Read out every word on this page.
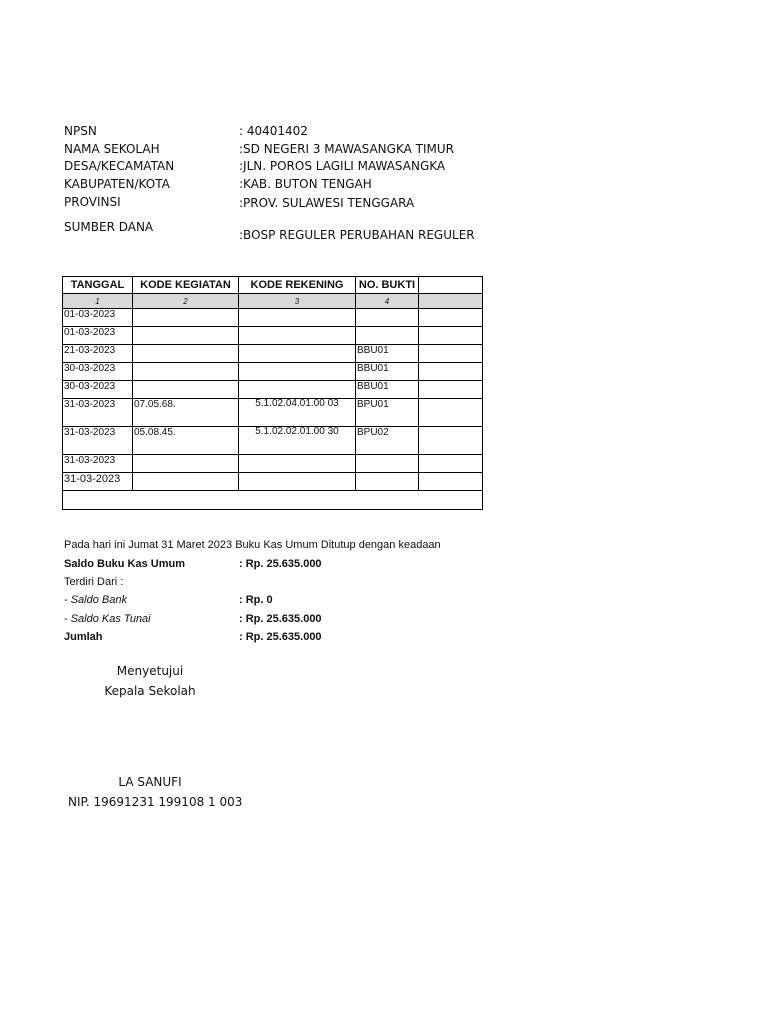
NPSN	: 40401402
NAMA SEKOLAH	:SD NEGERI 3 MAWASANGKA TIMUR
DESA/KECAMATAN	:JLN. POROS LAGILI MAWASANGKA
KABUPATEN/KOTA	:KAB. BUTON TENGAH
PROVINSI	:PROV. SULAWESI TENGGARA
SUMBER DANA
:BOSP REGULER PERUBAHAN REGULER
TANGGAL	KODE KEGIATAN	KODE REKENING	NO. BUKTI	
1	2	3	4	
01-03-2023				
01-03-2023				
21-03-2023			BBU01	
30-03-2023			BBU01	
30-03-2023			BBU01	
31-03-2023	07.05.68.	5.1.02.04.01.00 03	BPU01	
31-03-2023	05.08.45.	5.1.02.02.01.00 30	BPU02	
31-03-2023				
31-03-2023				

Pada hari ini Jumat 31 Maret 2023 Buku Kas Umum Ditutup dengan keadaan
Saldo Buku Kas Umum	: Rp. 25.635.000
Terdiri Dari :
- Saldo Bank	: Rp. 0
- Saldo Kas Tunai	: Rp. 25.635.000
Jumlah	: Rp. 25.635.000
Menyetujui
Kepala Sekolah
LA SANUFI
NIP. 19691231 199108 1 003
